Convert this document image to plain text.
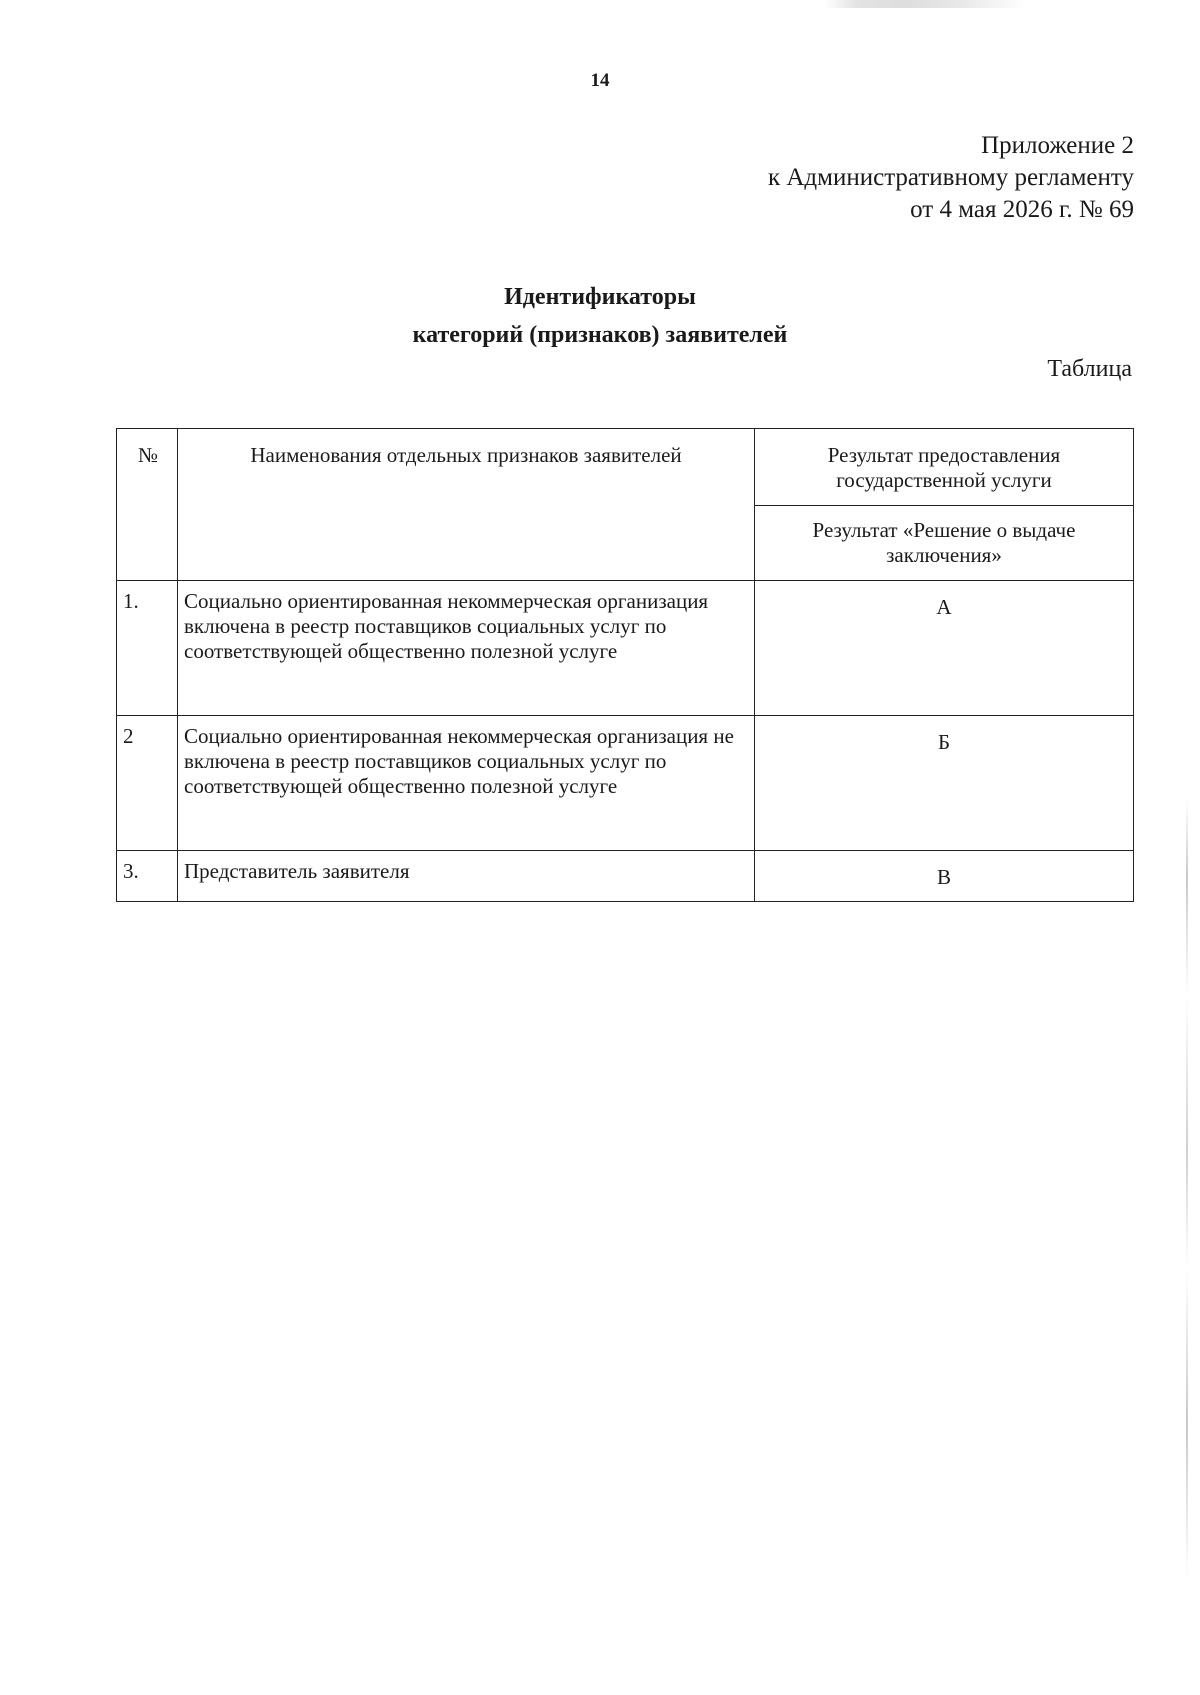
14
Приложение 2
к Административному регламенту
от 4 мая 2026 г. № 69
Идентификаторы
категорий (признаков) заявителей
Таблица
№	Наименования отдельных признаков заявителей	Результат предоставления государственной услуги
		Результат «Решение о выдаче заключения»
1.	Социально ориентированная некоммерческая организация включена в реестр поставщиков социальных услуг по соответствующей общественно полезной услуге	А
2	Социально ориентированная некоммерческая организация не включена в реестр поставщиков социальных услуг по соответствующей общественно полезной услуге	Б
3.	Представитель заявителя	В
